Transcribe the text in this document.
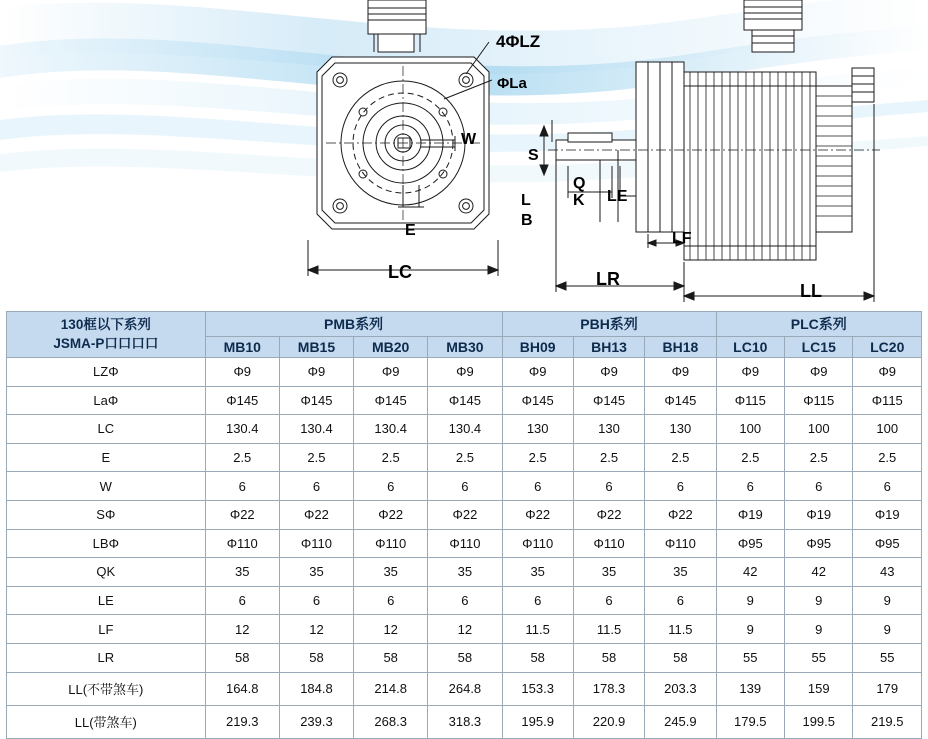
4ΦLZ
ΦLa
W
E
LC
S
Q
K LE
L
B
LF
LR
LL
130框以下系列
JSMA-P口口口口	PMB系列				PBH系列			PLC系列		
	MB10	MB15	MB20	MB30	BH09	BH13	BH18	LC10	LC15	LC20
LZΦ	Φ9	Φ9	Φ9	Φ9	Φ9	Φ9	Φ9	Φ9	Φ9	Φ9
LaΦ	Φ145	Φ145	Φ145	Φ145	Φ145	Φ145	Φ145	Φ115	Φ115	Φ115
LC	130.4	130.4	130.4	130.4	130	130	130	100	100	100
E	2.5	2.5	2.5	2.5	2.5	2.5	2.5	2.5	2.5	2.5
W	6	6	6	6	6	6	6	6	6	6
SΦ	Φ22	Φ22	Φ22	Φ22	Φ22	Φ22	Φ22	Φ19	Φ19	Φ19
LBΦ	Φ110	Φ110	Φ110	Φ110	Φ110	Φ110	Φ110	Φ95	Φ95	Φ95
QK	35	35	35	35	35	35	35	42	42	43
LE	6	6	6	6	6	6	6	9	9	9
LF	12	12	12	12	11.5	11.5	11.5	9	9	9
LR	58	58	58	58	58	58	58	55	55	55
LL(不带煞车)	164.8	184.8	214.8	264.8	153.3	178.3	203.3	139	159	179
LL(带煞车)	219.3	239.3	268.3	318.3	195.9	220.9	245.9	179.5	199.5	219.5
